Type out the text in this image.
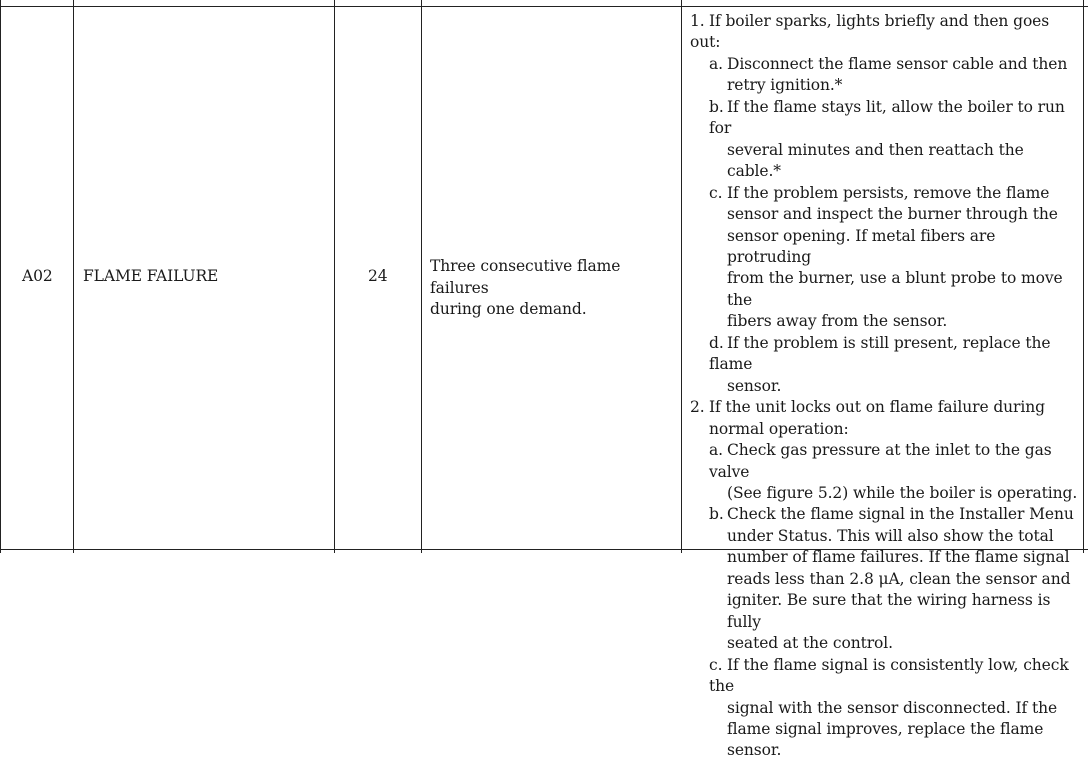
A02 FLAME FAILURE	24
Three consecutive flame failures
during one demand.
1. If boiler sparks, lights briefly and then goes out:
a. Disconnect the flame sensor cable and then
retry ignition.*
b. If the flame stays lit, allow the boiler to run for
several minutes and then reattach the cable.*
c. If the problem persists, remove the flame
sensor and inspect the burner through the
sensor opening. If metal fibers are protruding
from the burner, use a blunt probe to move the
fibers away from the sensor.
d. If the problem is still present, replace the flame
sensor.
2. If the unit locks out on flame failure during
normal operation:
a. Check gas pressure at the inlet to the gas valve
(See figure 5.2) while the boiler is operating.
b. Check the flame signal in the Installer Menu
under Status. This will also show the total
number of flame failures. If the flame signal
reads less than 2.8 μA, clean the sensor and
igniter. Be sure that the wiring harness is fully
seated at the control.
c. If the flame signal is consistently low, check the
signal with the sensor disconnected. If the
flame signal improves, replace the flame sensor.
